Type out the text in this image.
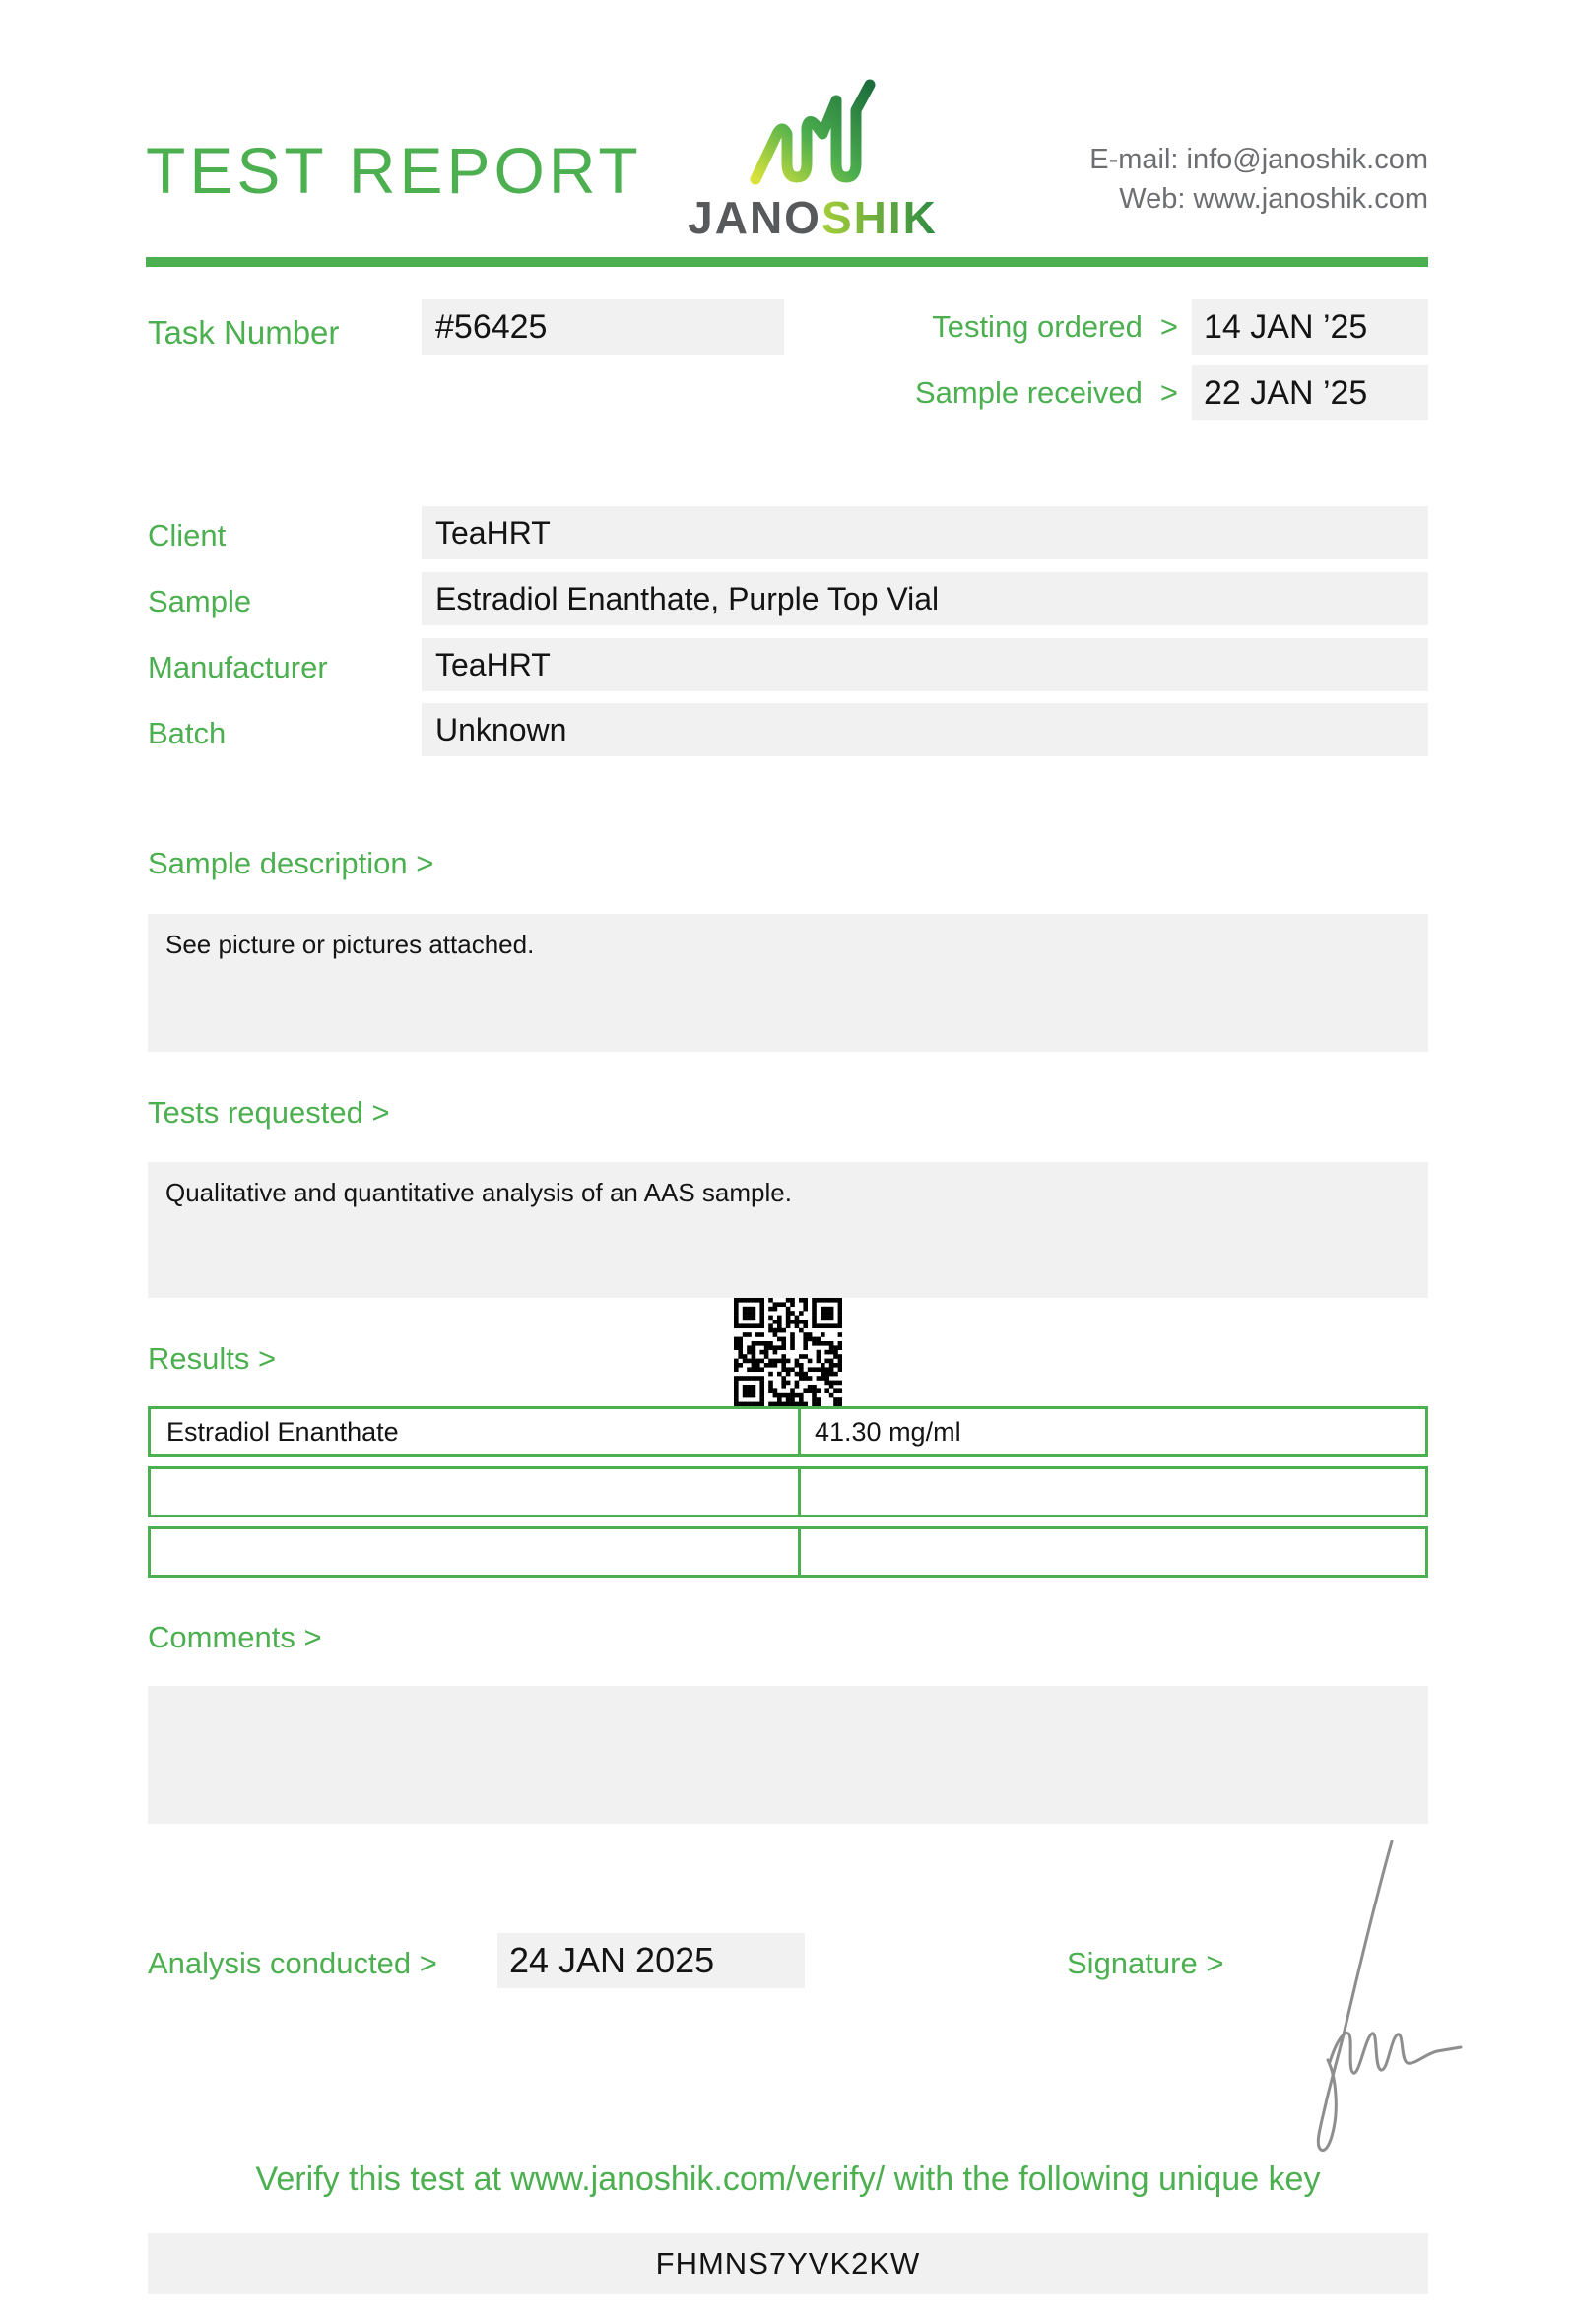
TEST REPORT
JANOSHIK
E-mail: info@janoshik.com
Web: www.janoshik.com
Task Number	#56425	Testing ordered > 14 JAN ’25
Sample received > 22 JAN ’25
Client	TeaHRT
Sample	Estradiol Enanthate, Purple Top Vial
Manufacturer	TeaHRT
Batch	Unknown
Sample description >
See picture or pictures attached.
Tests requested >
Qualitative and quantitative analysis of an AAS sample.
Results >
Estradiol Enanthate	41.30 mg/ml
Comments >
Analysis conducted >	24 JAN 2025	Signature >
Verify this test at www.janoshik.com/verify/ with the following unique key
FHMNS7YVK2KW
